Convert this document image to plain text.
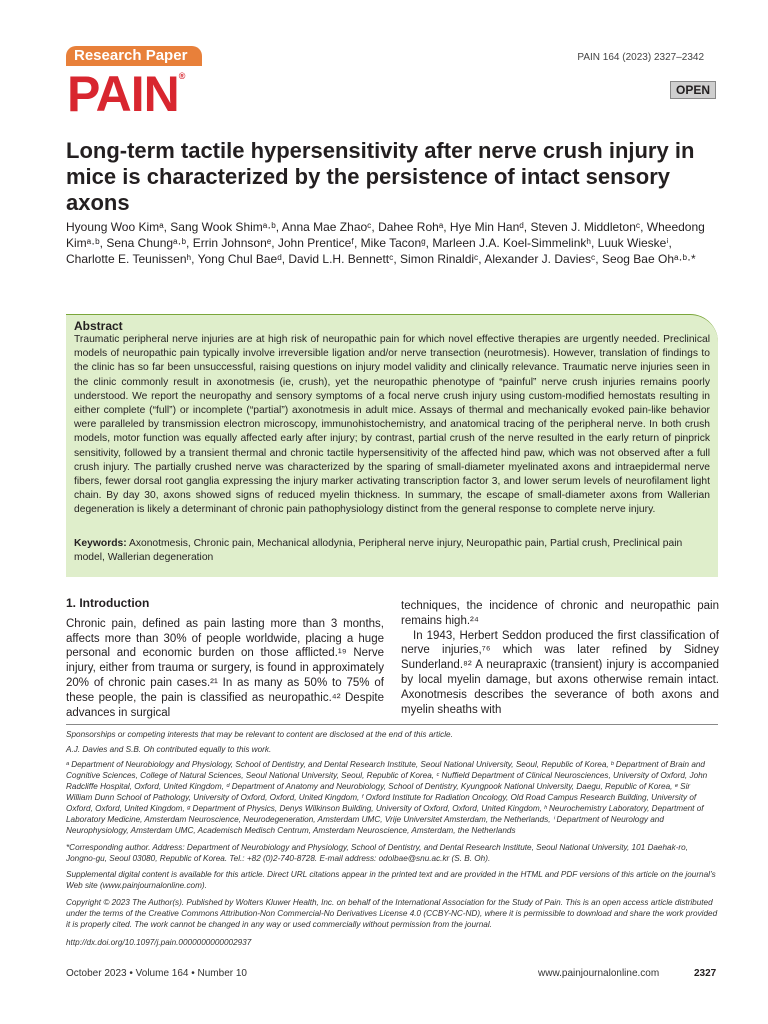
Research Paper
PAIN®
PAIN 164 (2023) 2327–2342
OPEN
Long-term tactile hypersensitivity after nerve crush injury in mice is characterized by the persistence of intact sensory axons
Hyoung Woo Kimᵃ, Sang Wook Shimᵃ·ᵇ, Anna Mae Zhaoᶜ, Dahee Rohᵃ, Hye Min Hanᵈ, Steven J. Middletonᶜ, Wheedong Kimᵃ·ᵇ, Sena Chungᵃ·ᵇ, Errin Johnsonᵉ, John Prenticeᶠ, Mike Taconᵍ, Marleen J.A. Koel-Simmelinkʰ, Luuk Wieskeⁱ, Charlotte E. Teunissenʰ, Yong Chul Baeᵈ, David L.H. Bennettᶜ, Simon Rinaldiᶜ, Alexander J. Daviesᶜ, Seog Bae Ohᵃ·ᵇ·*
Abstract
Traumatic peripheral nerve injuries are at high risk of neuropathic pain for which novel effective therapies are urgently needed. Preclinical models of neuropathic pain typically involve irreversible ligation and/or nerve transection (neurotmesis). However, translation of findings to the clinic has so far been unsuccessful, raising questions on injury model validity and clinically relevance. Traumatic nerve injuries seen in the clinic commonly result in axonotmesis (ie, crush), yet the neuropathic phenotype of “painful” nerve crush injuries remains poorly understood. We report the neuropathy and sensory symptoms of a focal nerve crush injury using custom-modified hemostats resulting in either complete (“full”) or incomplete (“partial”) axonotmesis in adult mice. Assays of thermal and mechanically evoked pain-like behavior were paralleled by transmission electron microscopy, immunohistochemistry, and anatomical tracing of the peripheral nerve. In both crush models, motor function was equally affected early after injury; by contrast, partial crush of the nerve resulted in the early return of pinprick sensitivity, followed by a transient thermal and chronic tactile hypersensitivity of the affected hind paw, which was not observed after a full crush injury. The partially crushed nerve was characterized by the sparing of small-diameter myelinated axons and intraepidermal nerve fibers, fewer dorsal root ganglia expressing the injury marker activating transcription factor 3, and lower serum levels of neurofilament light chain. By day 30, axons showed signs of reduced myelin thickness. In summary, the escape of small-diameter axons from Wallerian degeneration is likely a determinant of chronic pain pathophysiology distinct from the general response to complete nerve injury.
Keywords: Axonotmesis, Chronic pain, Mechanical allodynia, Peripheral nerve injury, Neuropathic pain, Partial crush, Preclinical pain model, Wallerian degeneration
1. Introduction

Chronic pain, defined as pain lasting more than 3 months, affects more than 30% of people worldwide, placing a huge personal and economic burden on those afflicted.¹⁹ Nerve injury, either from trauma or surgery, is found in approximately 20% of chronic pain cases.²¹ In as many as 50% to 75% of these people, the pain is classified as neuropathic.⁴² Despite advances in surgical

techniques, the incidence of chronic and neuropathic pain remains high.²⁴

In 1943, Herbert Seddon produced the first classification of nerve injuries,⁷⁶ which was later refined by Sidney Sunderland.⁸² A neurapraxic (transient) injury is accompanied by local myelin damage, but axons otherwise remain intact. Axonotmesis describes the severance of both axons and myelin sheaths with

Sponsorships or competing interests that may be relevant to content are disclosed at the end of this article.

A.J. Davies and S.B. Oh contributed equally to this work.

ᵃ Department of Neurobiology and Physiology, School of Dentistry, and Dental Research Institute, Seoul National University, Seoul, Republic of Korea, ᵇ Department of Brain and Cognitive Sciences, College of Natural Sciences, Seoul National University, Seoul, Republic of Korea, ᶜ Nuffield Department of Clinical Neurosciences, University of Oxford, John Radcliffe Hospital, Oxford, United Kingdom, ᵈ Department of Anatomy and Neurobiology, School of Dentistry, Kyungpook National University, Daegu, Republic of Korea, ᵉ Sir William Dunn School of Pathology, University of Oxford, Oxford, United Kingdom, ᶠ Oxford Institute for Radiation Oncology, Old Road Campus Research Building, University of Oxford, Oxford, United Kingdom, ᵍ Department of Physics, Denys Wilkinson Building, University of Oxford, Oxford, United Kingdom, ʰ Neurochemistry Laboratory, Department of Laboratory Medicine, Amsterdam Neuroscience, Neurodegeneration, Amsterdam UMC, Vrije Universitet Amsterdam, the Netherlands, ⁱ Department of Neurology and Neurophysiology, Amsterdam UMC, Academisch Medisch Centrum, Amsterdam Neuroscience, Amsterdam, the Netherlands

*Corresponding author. Address: Department of Neurobiology and Physiology, School of Dentistry, and Dental Research Institute, Seoul National University, 101 Daehak-ro, Jongno-gu, Seoul 03080, Republic of Korea. Tel.: +82 (0)2-740-8728. E-mail address: odolbae@snu.ac.kr (S. B. Oh).

Supplemental digital content is available for this article. Direct URL citations appear in the printed text and are provided in the HTML and PDF versions of this article on the journal’s Web site (www.painjournalonline.com).

Copyright © 2023 The Author(s). Published by Wolters Kluwer Health, Inc. on behalf of the International Association for the Study of Pain. This is an open access article distributed under the terms of the Creative Commons Attribution-Non Commercial-No Derivatives License 4.0 (CCBY-NC-ND), where it is permissible to download and share the work provided it is properly cited. The work cannot be changed in any way or used commercially without permission from the journal.

http://dx.doi.org/10.1097/j.pain.0000000000002937

October 2023 • Volume 164 • Number 10	www.painjournalonline.com	2327
